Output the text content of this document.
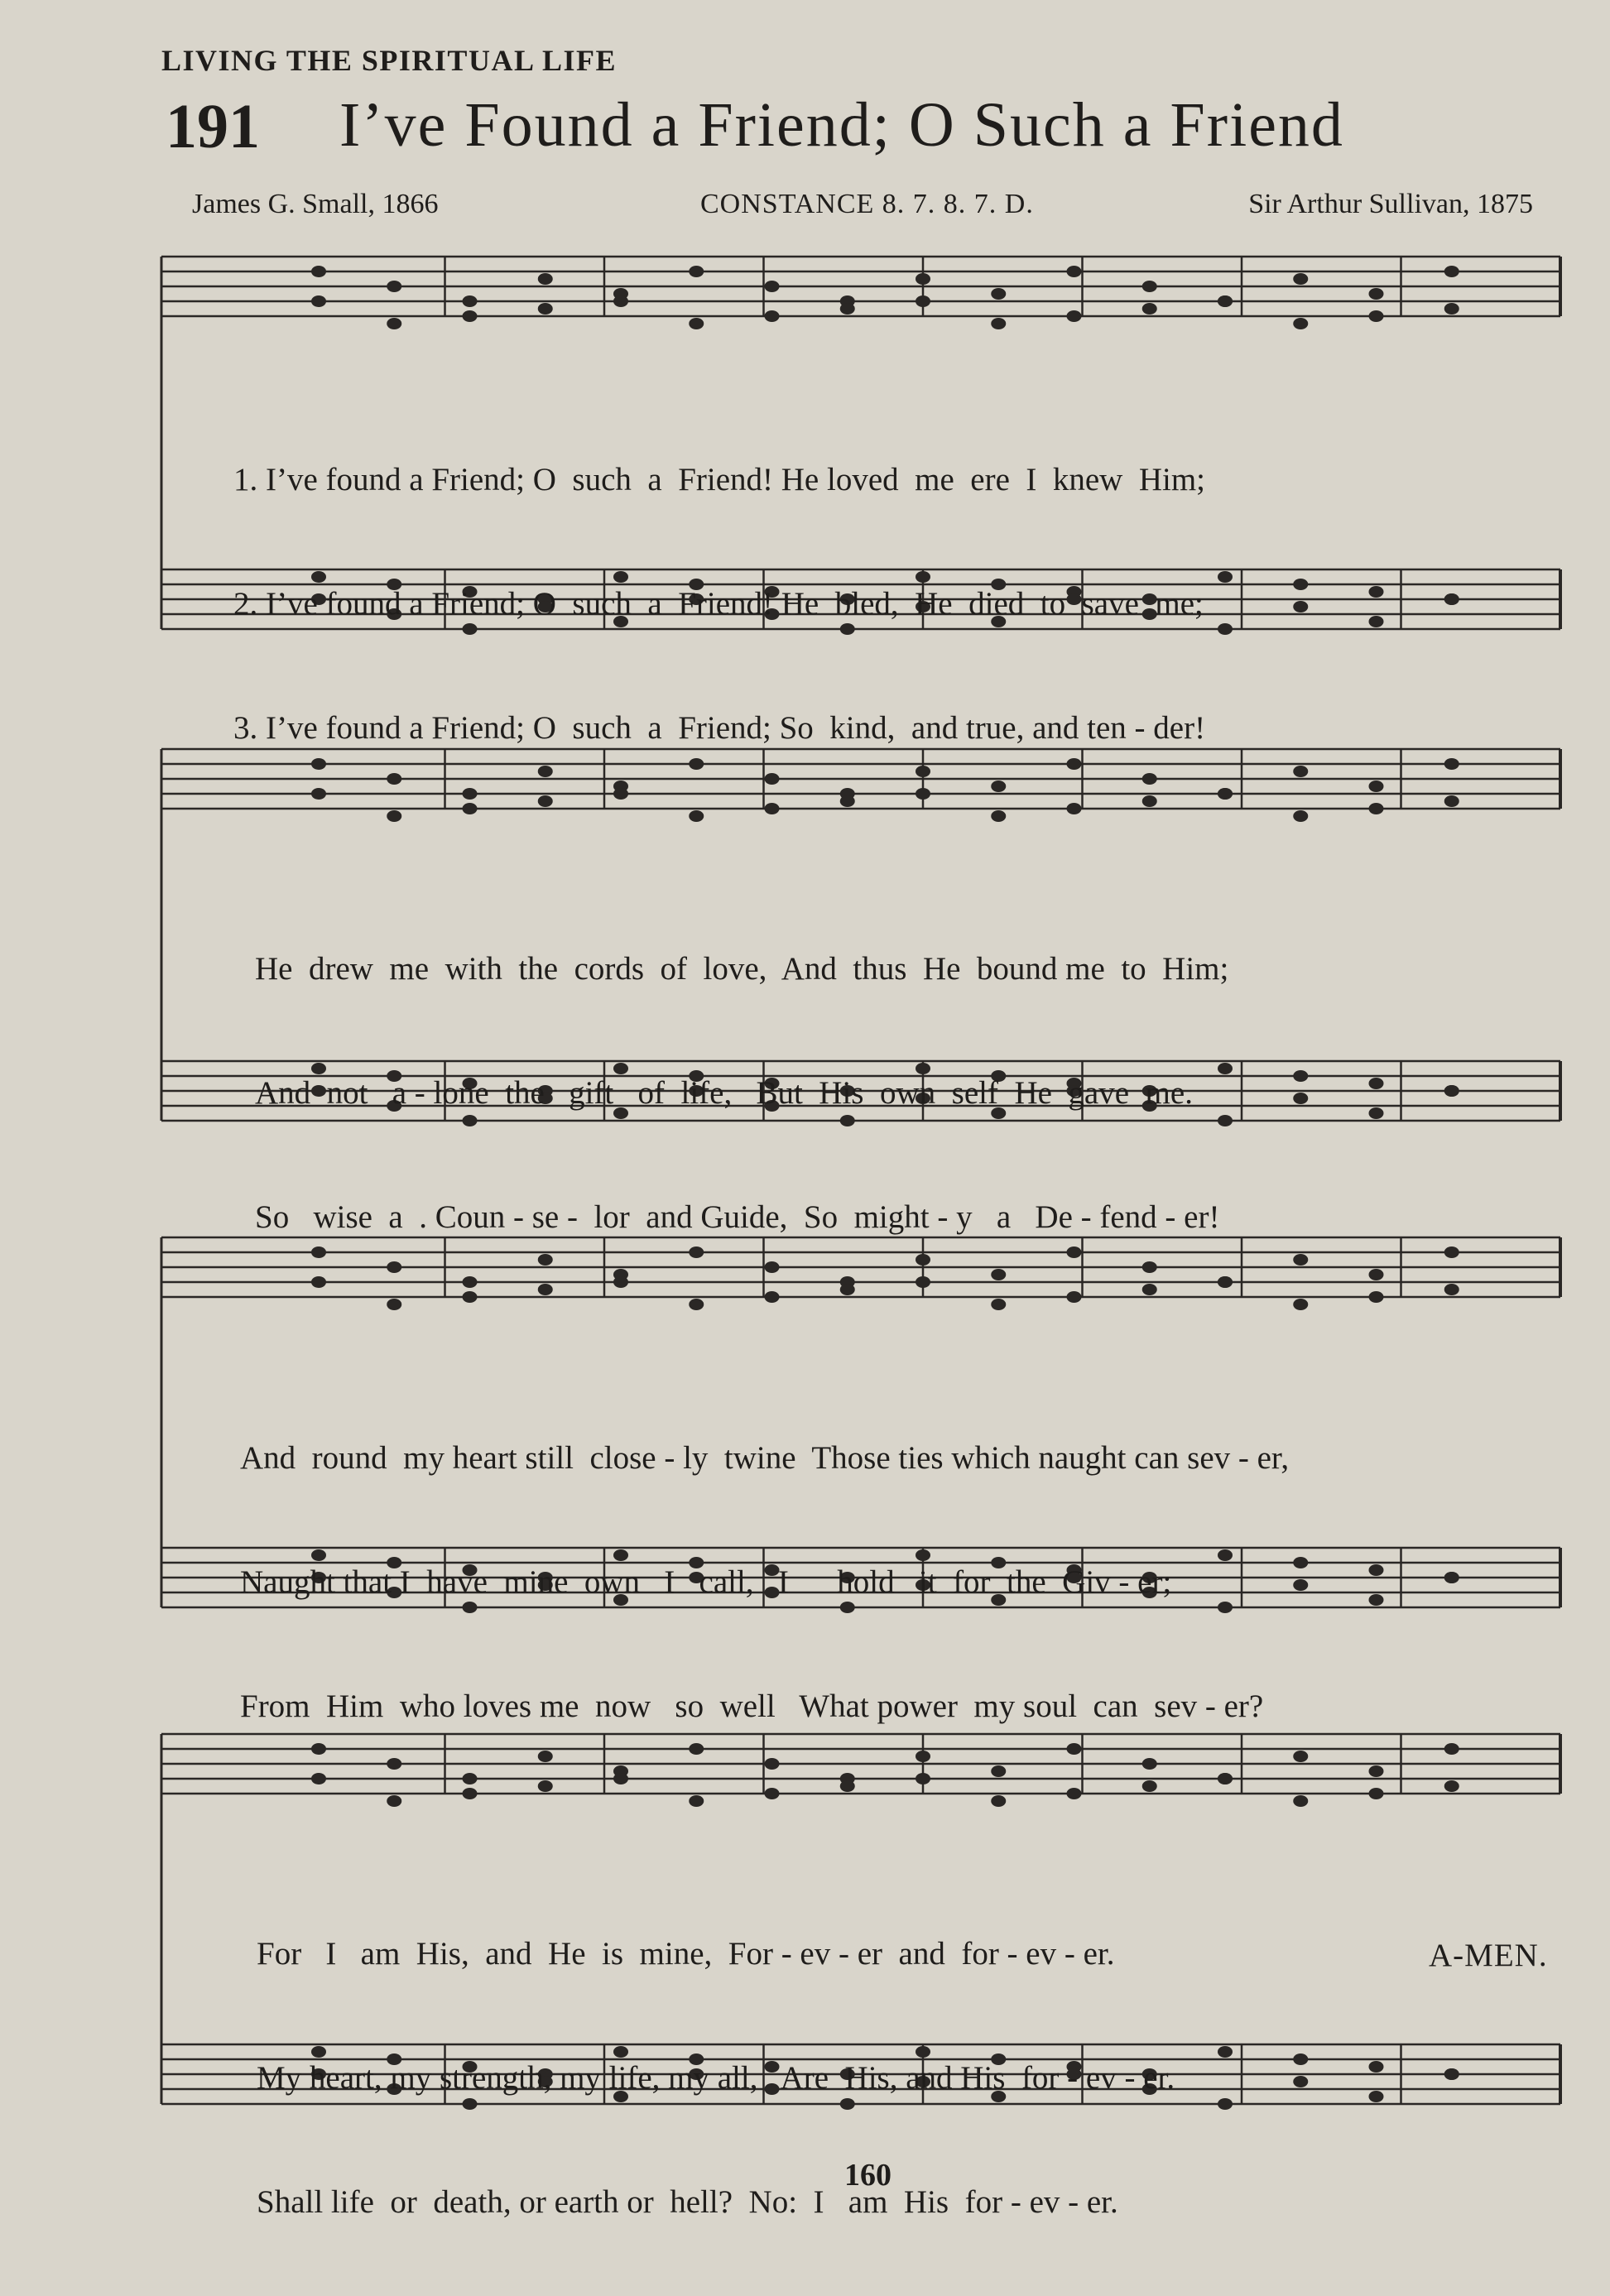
LIVING THE SPIRITUAL LIFE
191 I’ve Found a Friend; O Such a Friend
James G. Small, 1866	CONSTANCE 8. 7. 8. 7. D.	Sir Arthur Sullivan, 1875

1. I’ve found a Friend; O  such  a  Friend! He loved  me  ere  I  knew  Him;

2. I’ve found a Friend; O  such  a  Friend! He  bled,  He  died  to  save  me;

3. I’ve found a Friend; O  such  a  Friend; So  kind,  and true, and ten - der!

He  drew  me  with  the  cords  of  love,  And  thus  He  bound me  to  Him;

And  not   a - lone  the   gift   of  life,   But  His  own  self  He  gave  me.

So   wise  a  . Coun - se -  lor  and Guide,  So  might - y   a   De - fend - er!

And  round  my heart still  close - ly  twine  Those ties which naught can sev - er,

Naught that I  have  mine  own   I   call,   I      hold   it  for  the  Giv - er;

From  Him  who loves me  now   so  well   What power  my soul  can  sev - er?

For   I   am  His,  and  He  is  mine,  For - ev - er  and  for - ev - er.

My heart, my strength, my life, my all,   Are  His, and His  for - ev - er.

Shall life  or  death, or earth or  hell?  No:  I   am  His  for - ev - er.

A-MEN.
160
